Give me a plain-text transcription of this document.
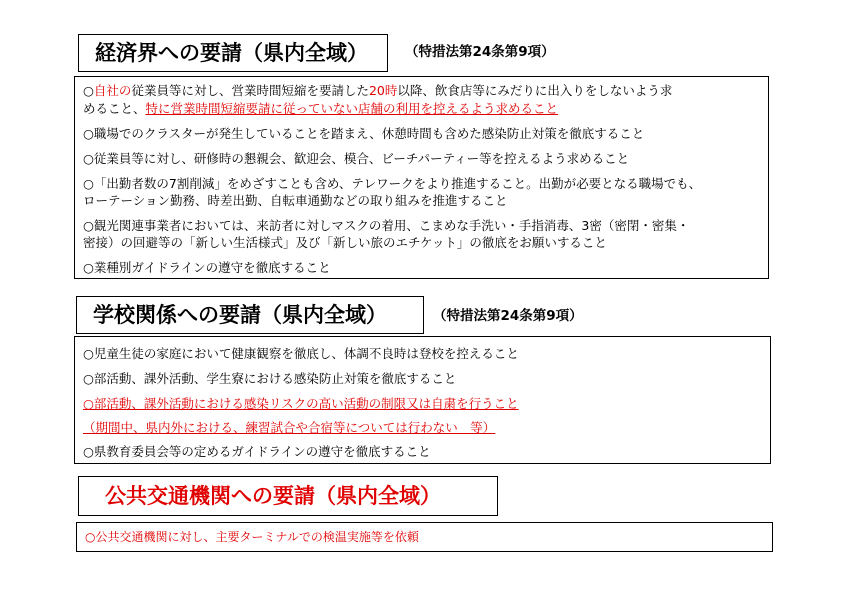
経済界への要請（県内全域）	（特措法第24条第9項）
○自社の従業員等に対し、営業時間短縮を要請した20時以降、飲食店等にみだりに出入りをしないよう求
めること、特に営業時間短縮要請に従っていない店舗の利用を控えるよう求めること
○職場でのクラスターが発生していることを踏まえ、休憩時間も含めた感染防止対策を徹底すること
○従業員等に対し、研修時の懇親会、歓迎会、模合、ビーチパーティー等を控えるよう求めること
○「出勤者数の7割削減」をめざすことも含め、テレワークをより推進すること。出勤が必要となる職場でも、
ローテーション勤務、時差出勤、自転車通勤などの取り組みを推進すること
○観光関連事業者においては、来訪者に対しマスクの着用、こまめな手洗い・手指消毒、3密（密閉・密集・
密接）の回避等の「新しい生活様式」及び「新しい旅のエチケット」の徹底をお願いすること
○業種別ガイドラインの遵守を徹底すること
学校関係への要請（県内全域）	（特措法第24条第9項）
○児童生徒の家庭において健康観察を徹底し、体調不良時は登校を控えること
○部活動、課外活動、学生寮における感染防止対策を徹底すること
○部活動、課外活動における感染リスクの高い活動の制限又は自粛を行うこと
（期間中、県内外における、練習試合や合宿等については行わない　等）
○県教育委員会等の定めるガイドラインの遵守を徹底すること
公共交通機関への要請（県内全域）
○公共交通機関に対し、主要ターミナルでの検温実施等を依頼
